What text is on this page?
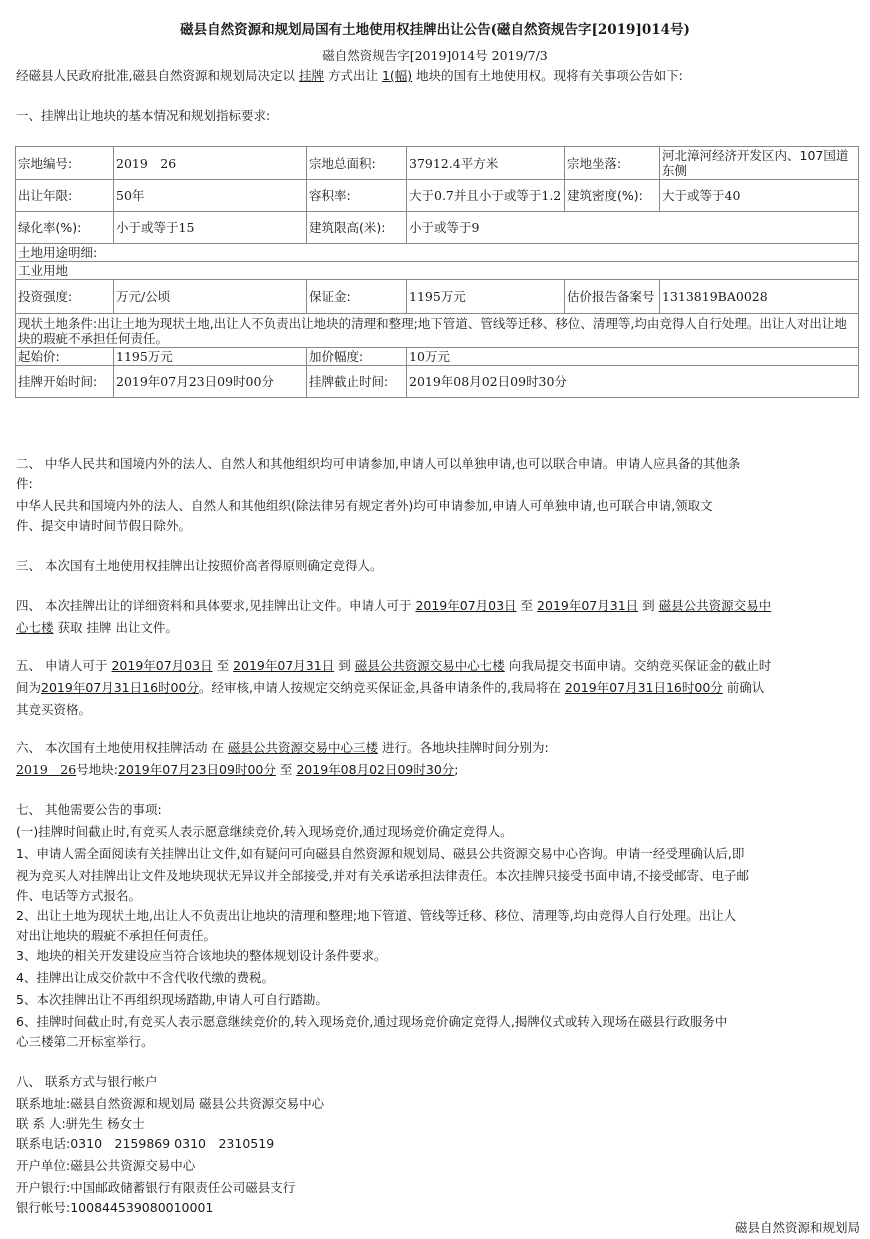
磁县自然资源和规划局国有土地使用权挂牌出让公告(磁自然资规告字[2019]014号)
磁自然资规告字[2019]014号 2019/7/3
经磁县人民政府批准,磁县自然资源和规划局决定以 挂牌 方式出让 1(幅) 地块的国有土地使用权。现将有关事项公告如下:
一、挂牌出让地块的基本情况和规划指标要求:
宗地编号:	2019　26	宗地总面积:	37912.4平方米	宗地坐落:	河北漳河经济开发区内、107国道东侧
出让年限:	50年	容积率:	大于0.7并且小于或等于1.2	建筑密度(%):	大于或等于40
绿化率(%):	小于或等于15	建筑限高(米):	小于或等于9		
土地用途明细:					
工业用地					
投资强度:	万元/公顷	保证金:	1195万元	估价报告备案号	1313819BA0028
现状土地条件:出让土地为现状土地,出让人不负责出让地块的清理和整理;地下管道、管线等迁移、移位、清理等,均由竞得人自行处理。出让人对出让地块的瑕疵不承担任何责任。					
起始价:	1195万元	加价幅度:	10万元		
挂牌开始时间:	2019年07月23日09时00分	挂牌截止时间:	2019年08月02日09时30分		
二、 中华人民共和国境内外的法人、自然人和其他组织均可申请参加,申请人可以单独申请,也可以联合申请。申请人应具备的其他条
件:
中华人民共和国境内外的法人、自然人和其他组织(除法律另有规定者外)均可申请参加,申请人可单独申请,也可联合申请,领取文
件、提交申请时间节假日除外。
三、 本次国有土地使用权挂牌出让按照价高者得原则确定竞得人。
四、 本次挂牌出让的详细资料和具体要求,见挂牌出让文件。申请人可于 2019年07月03日 至 2019年07月31日 到 磁县公共资源交易中
心七楼 获取 挂牌 出让文件。
五、 申请人可于 2019年07月03日 至 2019年07月31日 到 磁县公共资源交易中心七楼 向我局提交书面申请。交纳竞买保证金的截止时
间为2019年07月31日16时00分。经审核,申请人按规定交纳竞买保证金,具备申请条件的,我局将在 2019年07月31日16时00分 前确认
其竞买资格。
六、 本次国有土地使用权挂牌活动 在 磁县公共资源交易中心三楼 进行。各地块挂牌时间分别为:
2019　26号地块:2019年07月23日09时00分 至 2019年08月02日09时30分;
七、 其他需要公告的事项:
(一)挂牌时间截止时,有竞买人表示愿意继续竞价,转入现场竞价,通过现场竞价确定竞得人。
1、申请人需全面阅读有关挂牌出让文件,如有疑问可向磁县自然资源和规划局、磁县公共资源交易中心咨询。申请一经受理确认后,即
视为竞买人对挂牌出让文件及地块现状无异议并全部接受,并对有关承诺承担法律责任。本次挂牌只接受书面申请,不接受邮寄、电子邮
件、电话等方式报名。
2、出让土地为现状土地,出让人不负责出让地块的清理和整理;地下管道、管线等迁移、移位、清理等,均由竞得人自行处理。出让人
对出让地块的瑕疵不承担任何责任。
3、地块的相关开发建设应当符合该地块的整体规划设计条件要求。
4、挂牌出让成交价款中不含代收代缴的费税。
5、本次挂牌出让不再组织现场踏勘,申请人可自行踏勘。
6、挂牌时间截止时,有竞买人表示愿意继续竞价的,转入现场竞价,通过现场竞价确定竞得人,揭牌仪式或转入现场在磁县行政服务中
心三楼第二开标室举行。
八、 联系方式与银行帐户
联系地址:磁县自然资源和规划局 磁县公共资源交易中心
联 系 人:骈先生 杨女士
联系电话:0310　2159869 0310　2310519
开户单位:磁县公共资源交易中心
开户银行:中国邮政储蓄银行有限责任公司磁县支行
银行帐号:100844539080010001
磁县自然资源和规划局
